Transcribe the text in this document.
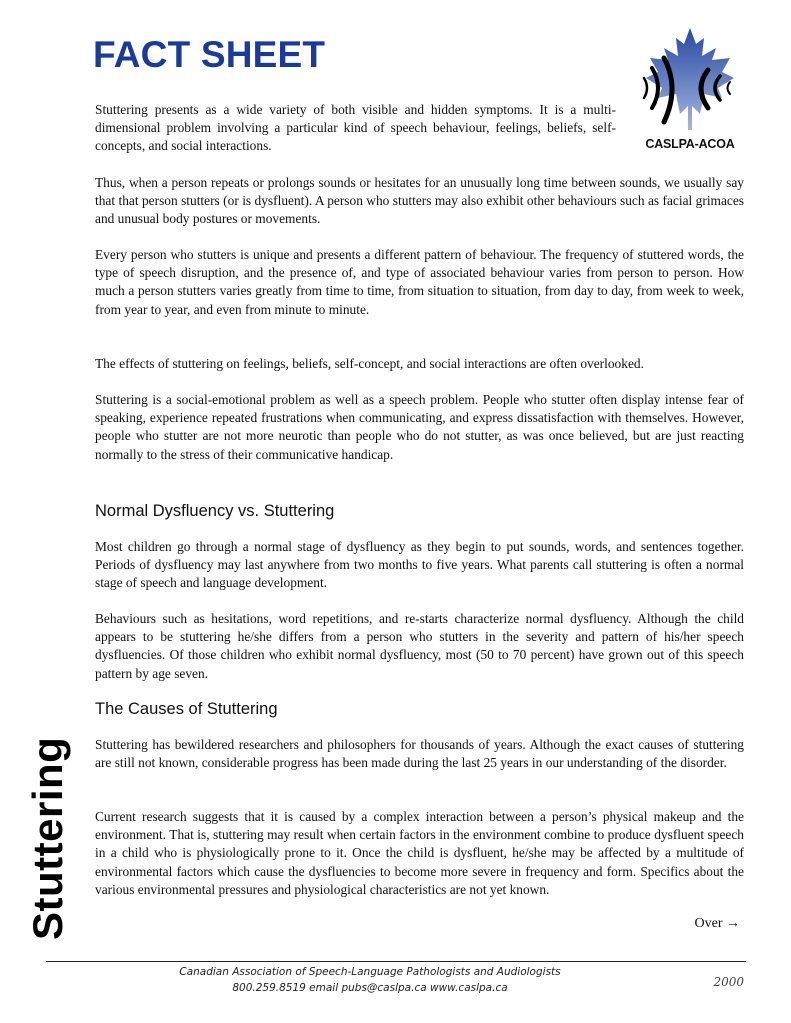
FACT SHEET
CASLPA-ACOA

Stuttering presents as a wide variety of both visible and hidden symptoms. It is a multi-dimensional problem involving a particular kind of speech behaviour, feelings, beliefs, self- concepts, and social interactions.

Thus, when a person repeats or prolongs sounds or hesitates for an unusually long time between sounds, we usually say that that person stutters (or is dysfluent). A person who stutters may also exhibit other behaviours such as facial grimaces and unusual body postures or movements.

Every person who stutters is unique and presents a different pattern of behaviour. The frequency of stuttered words, the type of speech disruption, and the presence of, and type of associated behaviour varies from person to person. How much a person stutters varies greatly from time to time, from situation to situation, from day to day, from week to week, from year to year, and even from minute to minute.

The effects of stuttering on feelings, beliefs, self-concept, and social interactions are often overlooked.

Stuttering is a social-emotional problem as well as a speech problem. People who stutter often display intense fear of speaking, experience repeated frustrations when communicating, and express dissatisfaction with themselves. However, people who stutter are not more neurotic than people who do not stutter, as was once believed, but are just reacting normally to the stress of their communicative handicap.

Normal Dysfluency vs. Stuttering

Most children go through a normal stage of dysfluency as they begin to put sounds, words, and sentences together. Periods of dysfluency may last anywhere from two months to five years. What parents call stuttering is often a normal stage of speech and language development.

Behaviours such as hesitations, word repetitions, and re-starts characterize normal dysfluency. Although the child appears to be stuttering he/she differs from a person who stutters in the severity and pattern of his/her speech dysfluencies. Of those children who exhibit normal dysfluency, most (50 to 70 percent) have grown out of this speech pattern by age seven.

The Causes of Stuttering

Stuttering has bewildered researchers and philosophers for thousands of years. Although the exact causes of stuttering are still not known, considerable progress has been made during the last 25 years in our understanding of the disorder.

Current research suggests that it is caused by a complex interaction between a person’s physical makeup and the environment. That is, stuttering may result when certain factors in the environment combine to produce dysfluent speech in a child who is physiologically prone to it. Once the child is dysfluent, he/she may be affected by a multitude of environmental factors which cause the dysfluencies to become more severe in frequency and form. Specifics about the various environmental pressures and physiological characteristics are not yet known.

Over →
Stuttering
Canadian Association of Speech-Language Pathologists and Audiologists
800.259.8519 email pubs@caslpa.ca www.caslpa.ca	2000
